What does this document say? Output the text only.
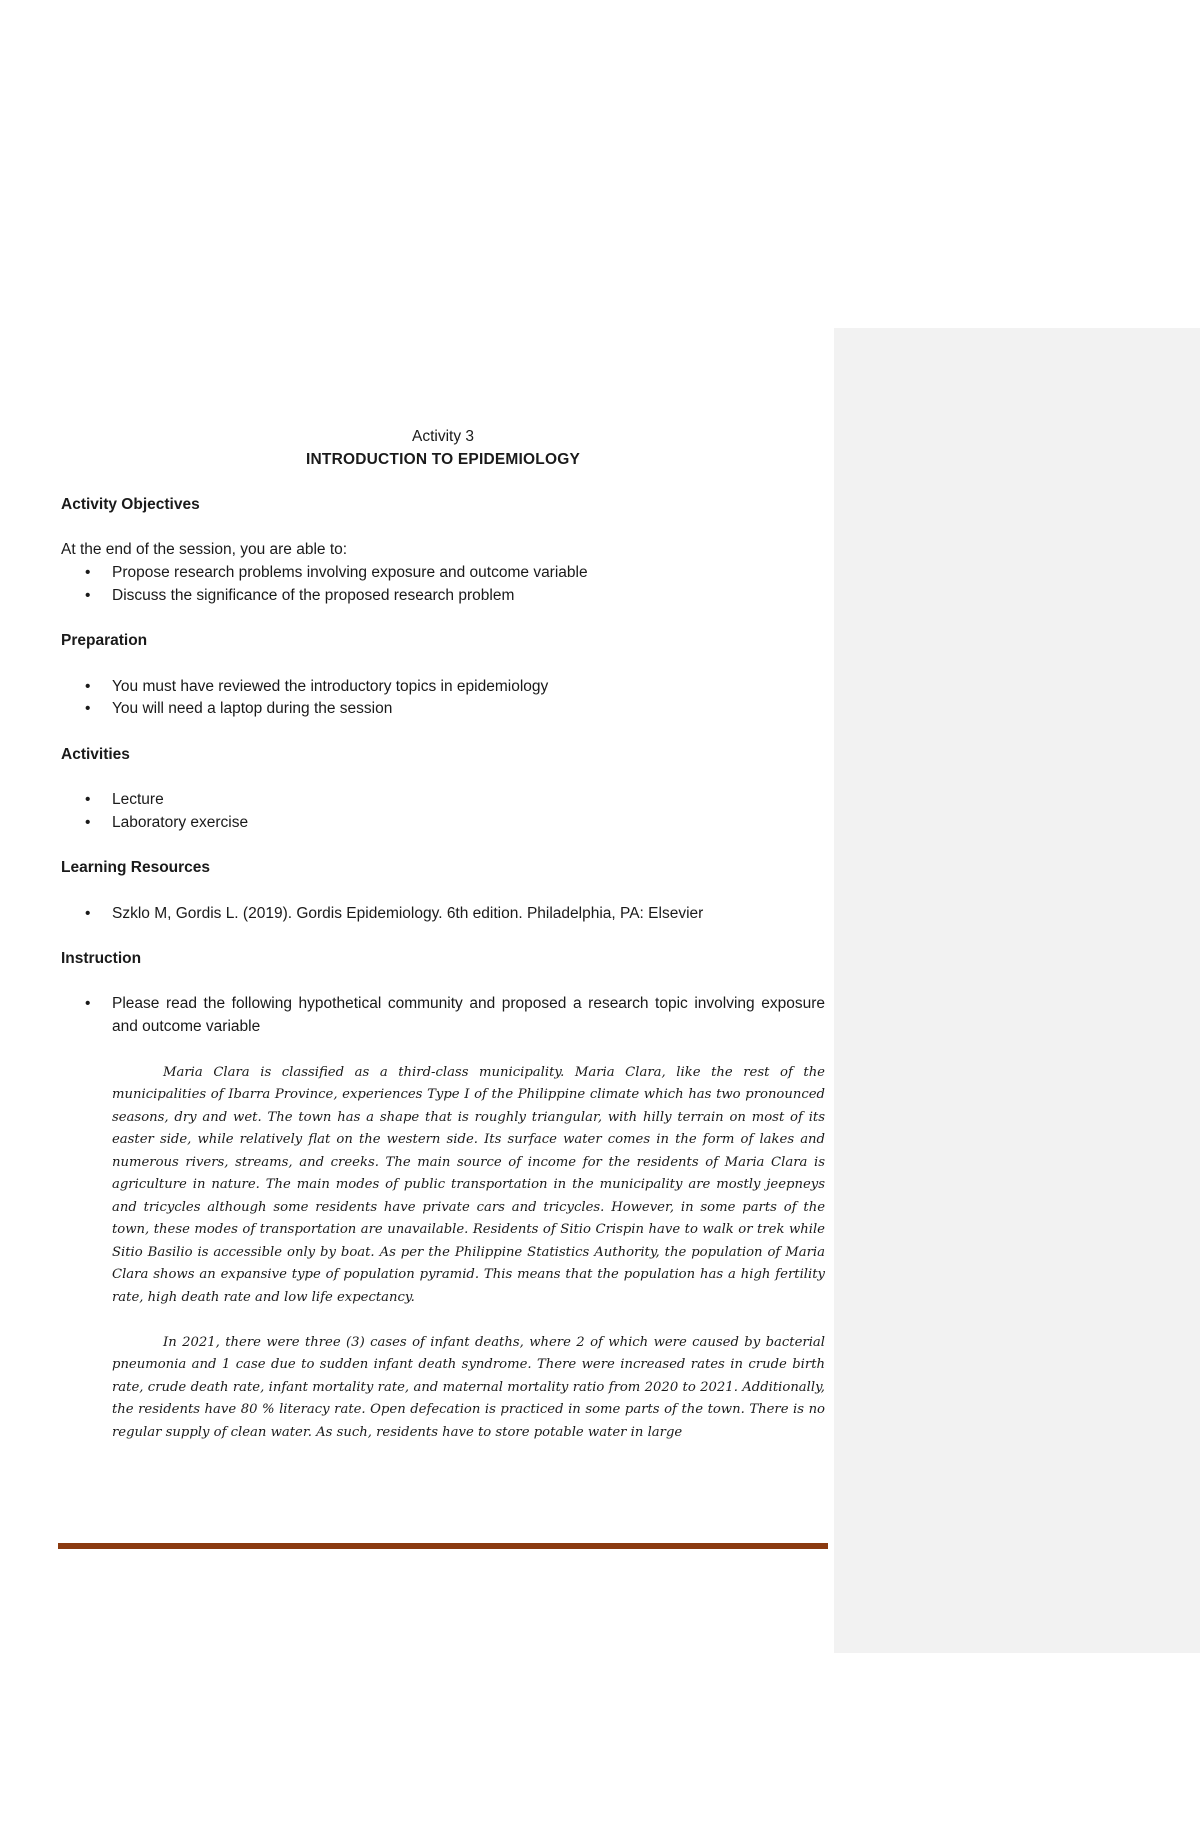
Activity 3

INTRODUCTION TO EPIDEMIOLOGY

Activity Objectives

At the end of the session, you are able to:

• Propose research problems involving exposure and outcome variable
• Discuss the significance of the proposed research problem

Preparation

• You must have reviewed the introductory topics in epidemiology
• You will need a laptop during the session

Activities

• Lecture
• Laboratory exercise

Learning Resources

• Szklo M, Gordis L. (2019). Gordis Epidemiology. 6th edition. Philadelphia, PA: Elsevier

Instruction

• Please read the following hypothetical community and proposed a research topic involving exposure and outcome variable

Maria Clara is classified as a third-class municipality. Maria Clara, like the rest of the municipalities of Ibarra Province, experiences Type I of the Philippine climate which has two pronounced seasons, dry and wet. The town has a shape that is roughly triangular, with hilly terrain on most of its easter side, while relatively flat on the western side. Its surface water comes in the form of lakes and numerous rivers, streams, and creeks. The main source of income for the residents of Maria Clara is agriculture in nature. The main modes of public transportation in the municipality are mostly jeepneys and tricycles although some residents have private cars and tricycles. However, in some parts of the town, these modes of transportation are unavailable. Residents of Sitio Crispin have to walk or trek while Sitio Basilio is accessible only by boat. As per the Philippine Statistics Authority, the population of Maria Clara shows an expansive type of population pyramid. This means that the population has a high fertility rate, high death rate and low life expectancy.

In 2021, there were three (3) cases of infant deaths, where 2 of which were caused by bacterial pneumonia and 1 case due to sudden infant death syndrome. There were increased rates in crude birth rate, crude death rate, infant mortality rate, and maternal mortality ratio from 2020 to 2021. Additionally, the residents have 80 % literacy rate. Open defecation is practiced in some parts of the town. There is no regular supply of clean water. As such, residents have to store potable water in large
